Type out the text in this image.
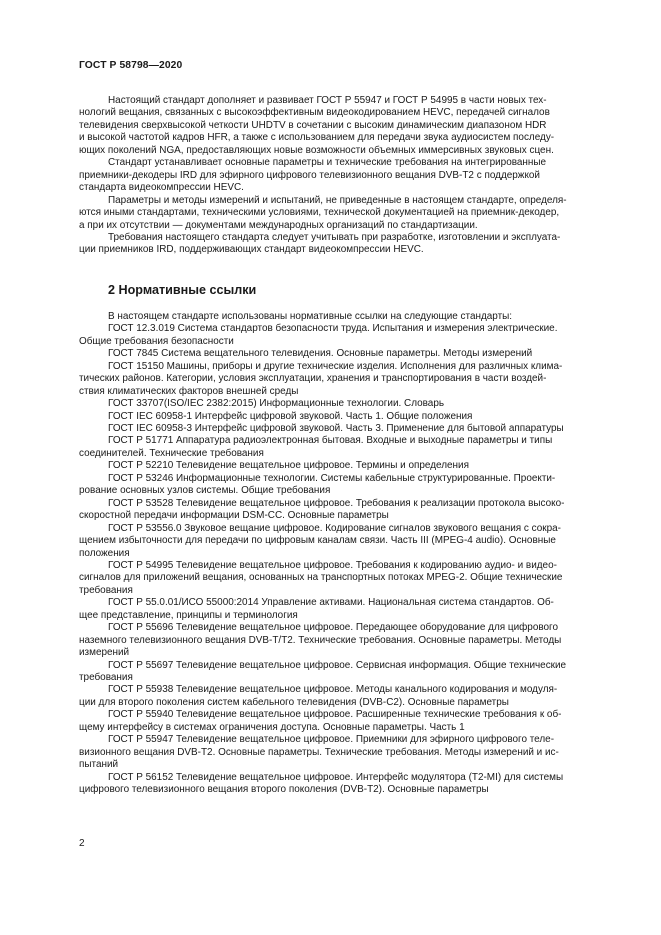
ГОСТ Р 58798—2020

Настоящий стандарт дополняет и развивает ГОСТ Р 55947 и ГОСТ Р 54995 в части новых тех-
нологий вещания, связанных с высокоэффективным видеокодированием HEVC, передачей сигналов
телевидения сверхвысокой четкости UHDTV в сочетании с высоким динамическим диапазоном HDR
и высокой частотой кадров HFR, а также с использованием для передачи звука аудиосистем последу-
ющих поколений NGA, предоставляющих новые возможности объемных иммерсивных звуковых сцен.

Стандарт устанавливает основные параметры и технические требования на интегрированные
приемники-декодеры IRD для эфирного цифрового телевизионного вещания DVB-T2 с поддержкой
стандарта видеокомпрессии HEVC.

Параметры и методы измерений и испытаний, не приведенные в настоящем стандарте, определя-
ются иными стандартами, техническими условиями, технической документацией на приемник-декодер,
а при их отсутствии — документами международных организаций по стандартизации.

Требования настоящего стандарта следует учитывать при разработке, изготовлении и эксплуата-
ции приемников IRD, поддерживающих стандарт видеокомпрессии HEVC.

2 Нормативные ссылки

В настоящем стандарте использованы нормативные ссылки на следующие стандарты:

ГОСТ 12.3.019 Система стандартов безопасности труда. Испытания и измерения электрические.
Общие требования безопасности

ГОСТ 7845 Система вещательного телевидения. Основные параметры. Методы измерений

ГОСТ 15150 Машины, приборы и другие технические изделия. Исполнения для различных клима-
тических районов. Категории, условия эксплуатации, хранения и транспортирования в части воздей-
ствия климатических факторов внешней среды

ГОСТ 33707(ISO/IEC 2382:2015) Информационные технологии. Словарь

ГОСТ IEC 60958-1 Интерфейс цифровой звуковой. Часть 1. Общие положения

ГОСТ IEC 60958-3 Интерфейс цифровой звуковой. Часть 3. Применение для бытовой аппаратуры

ГОСТ Р 51771 Аппаратура радиоэлектронная бытовая. Входные и выходные параметры и типы
соединителей. Технические требования

ГОСТ Р 52210 Телевидение вещательное цифровое. Термины и определения

ГОСТ Р 53246 Информационные технологии. Системы кабельные структурированные. Проекти-
рование основных узлов системы. Общие требования

ГОСТ Р 53528 Телевидение вещательное цифровое. Требования к реализации протокола высоко-
скоростной передачи информации DSM-CC. Основные параметры

ГОСТ Р 53556.0 Звуковое вещание цифровое. Кодирование сигналов звукового вещания с сокра-
щением избыточности для передачи по цифровым каналам связи. Часть III (MPEG-4 audio). Основные
положения

ГОСТ Р 54995 Телевидение вещательное цифровое. Требования к кодированию аудио- и видео-
сигналов для приложений вещания, основанных на транспортных потоках MPEG-2. Общие технические
требования

ГОСТ Р 55.0.01/ИСО 55000:2014 Управление активами. Национальная система стандартов. Об-
щее представление, принципы и терминология

ГОСТ Р 55696 Телевидение вещательное цифровое. Передающее оборудование для цифрового
наземного телевизионного вещания DVB-T/T2. Технические требования. Основные параметры. Методы
измерений

ГОСТ Р 55697 Телевидение вещательное цифровое. Сервисная информация. Общие технические
требования

ГОСТ Р 55938 Телевидение вещательное цифровое. Методы канального кодирования и модуля-
ции для второго поколения систем кабельного телевидения (DVB-C2). Основные параметры

ГОСТ Р 55940 Телевидение вещательное цифровое. Расширенные технические требования к об-
щему интерфейсу в системах ограничения доступа. Основные параметры. Часть 1

ГОСТ Р 55947 Телевидение вещательное цифровое. Приемники для эфирного цифрового теле-
визионного вещания DVB-T2. Основные параметры. Технические требования. Методы измерений и ис-
пытаний

ГОСТ Р 56152 Телевидение вещательное цифровое. Интерфейс модулятора (T2-MI) для системы
цифрового телевизионного вещания второго поколения (DVB-T2). Основные параметры

2
